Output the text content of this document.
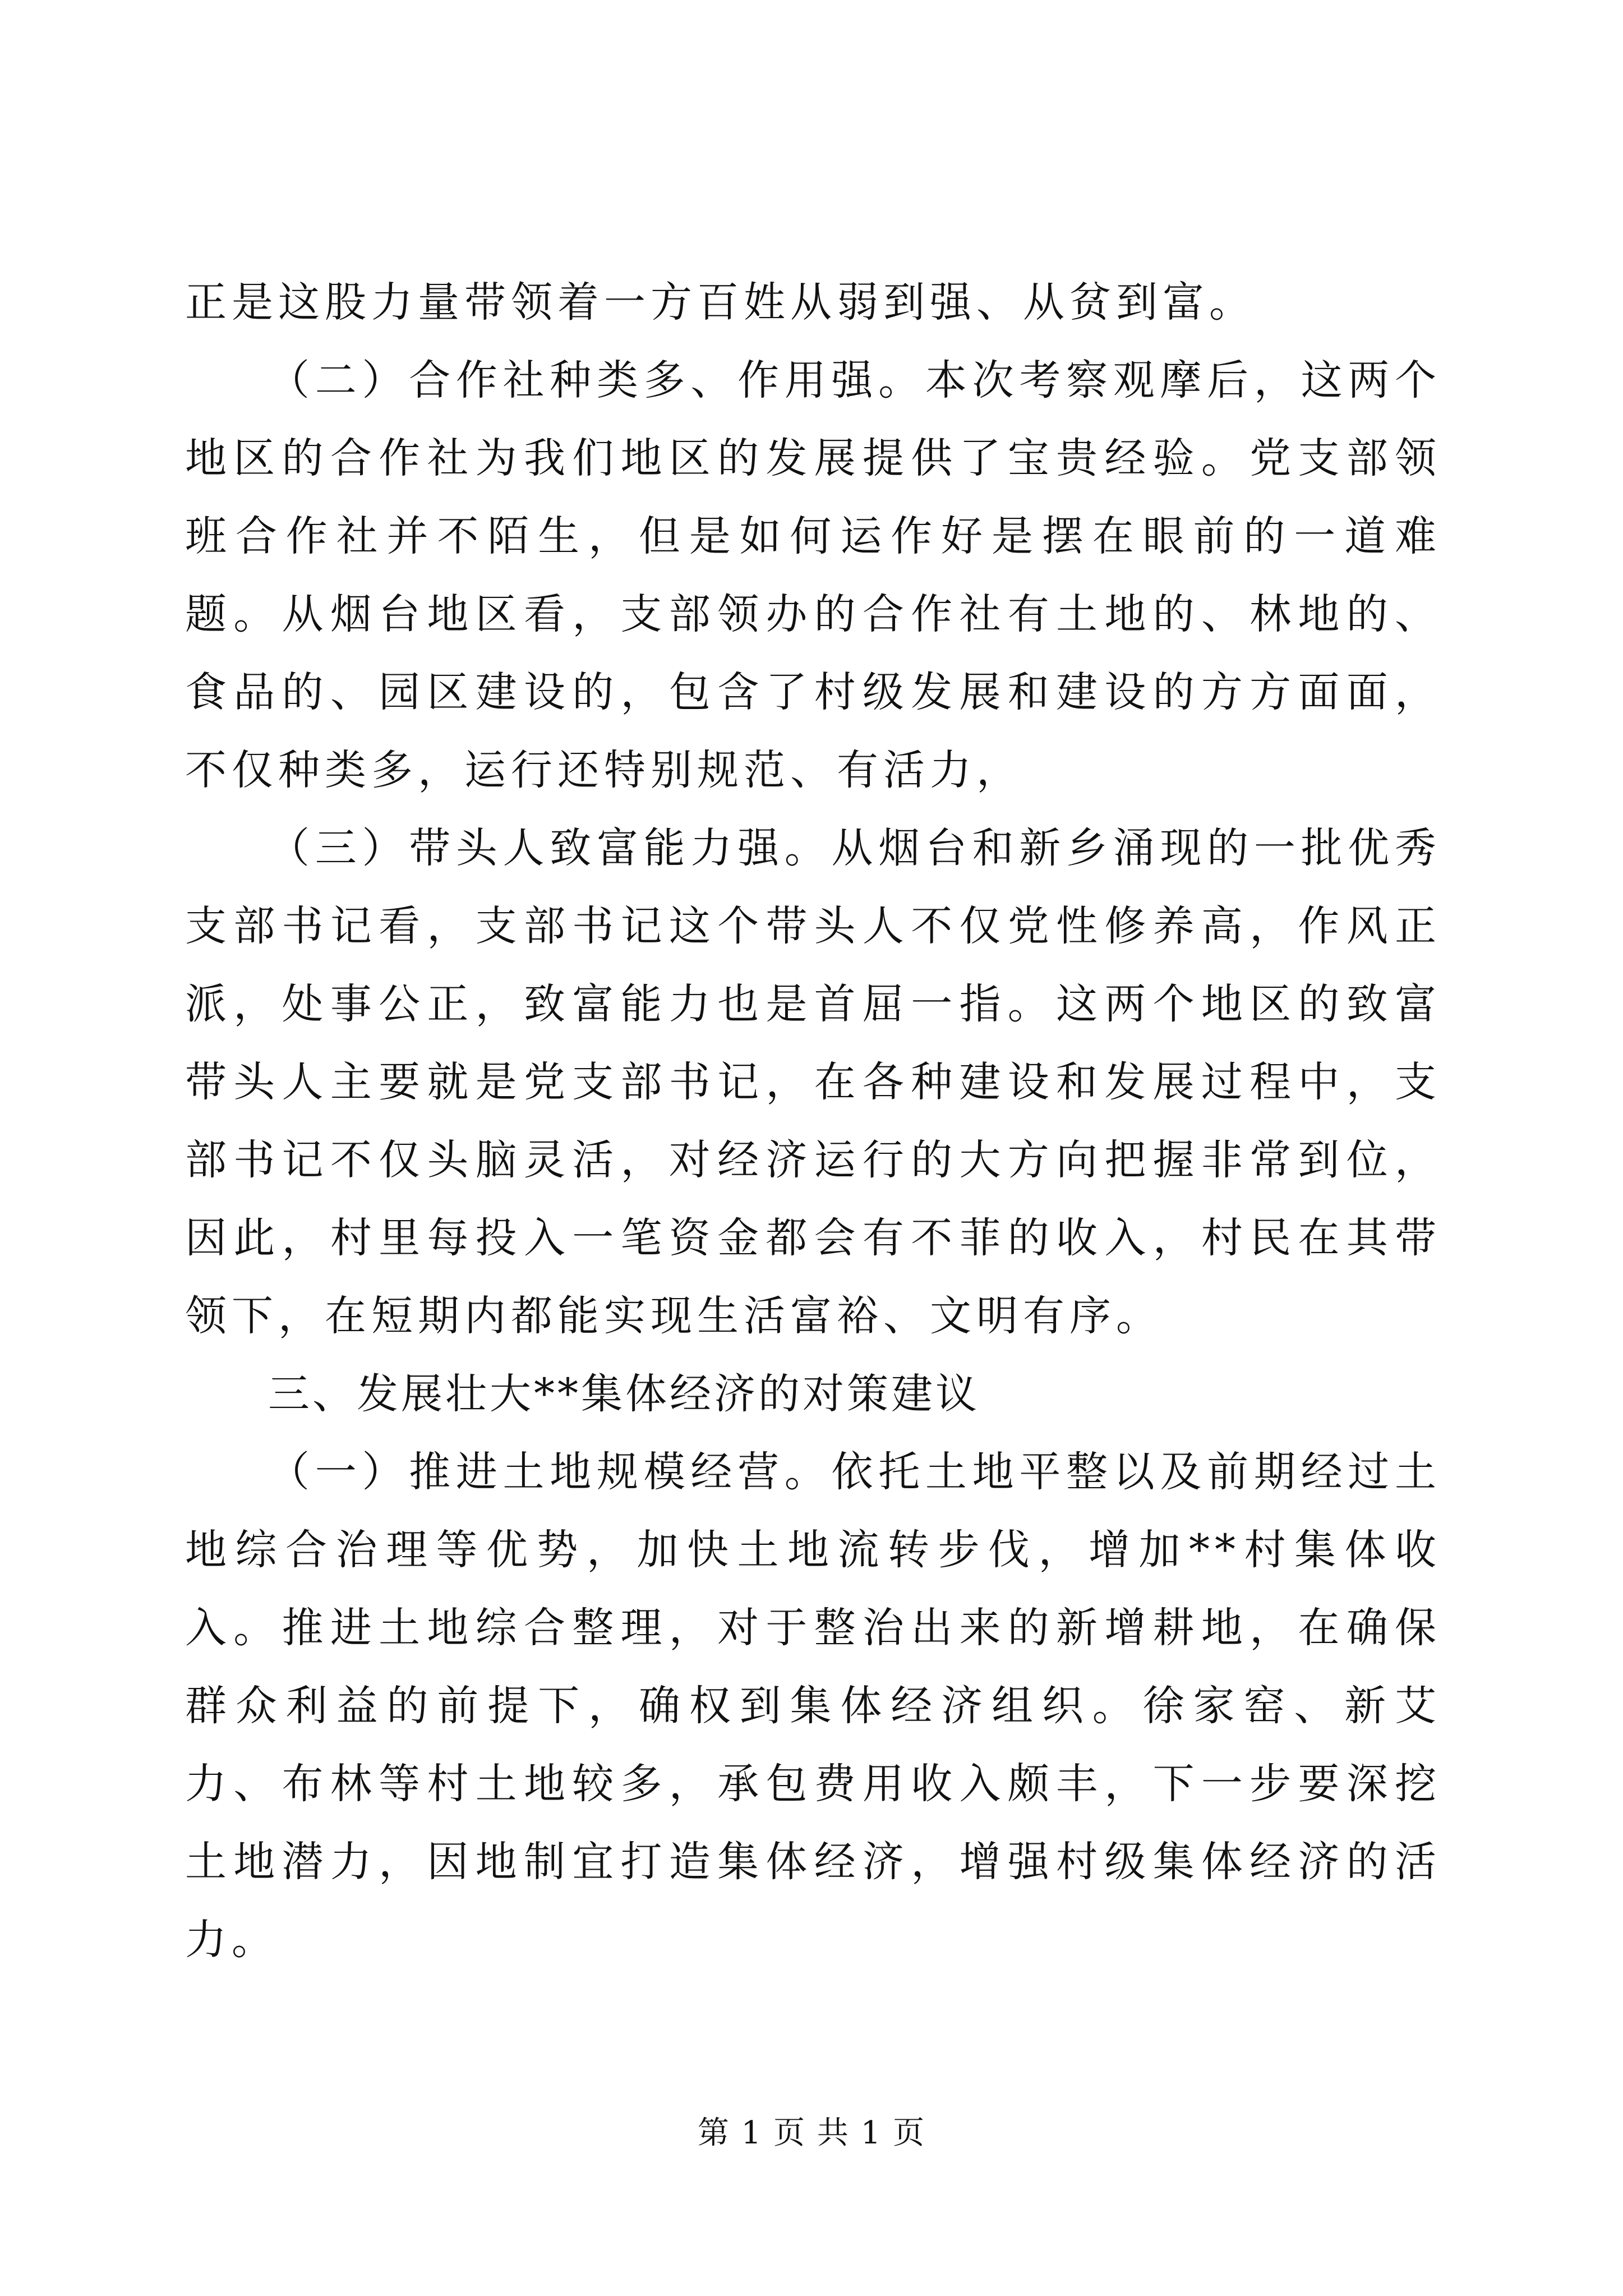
正是这股力量带领着一方百姓从弱到强、从贫到富。

（二）合作社种类多、作用强。本次考察观摩后，这两个地区的合作社为我们地区的发展提供了宝贵经验。党支部领班合作社并不陌生，但是如何运作好是摆在眼前的一道难题。从烟台地区看，支部领办的合作社有土地的、林地的、食品的、园区建设的，包含了村级发展和建设的方方面面，不仅种类多，运行还特别规范、有活力，

（三）带头人致富能力强。从烟台和新乡涌现的一批优秀支部书记看，支部书记这个带头人不仅党性修养高，作风正派，处事公正，致富能力也是首屈一指。这两个地区的致富带头人主要就是党支部书记，在各种建设和发展过程中，支部书记不仅头脑灵活，对经济运行的大方向把握非常到位，因此，村里每投入一笔资金都会有不菲的收入，村民在其带领下，在短期内都能实现生活富裕、文明有序。

三、发展壮大**集体经济的对策建议

（一）推进土地规模经营。依托土地平整以及前期经过土地综合治理等优势，加快土地流转步伐，增加**村集体收入。推进土地综合整理，对于整治出来的新增耕地，在确保群众利益的前提下，确权到集体经济组织。徐家窑、新艾力、布林等村土地较多，承包费用收入颇丰，下一步要深挖土地潜力，因地制宜打造集体经济，增强村级集体经济的活力。

第 1 页 共 1 页
